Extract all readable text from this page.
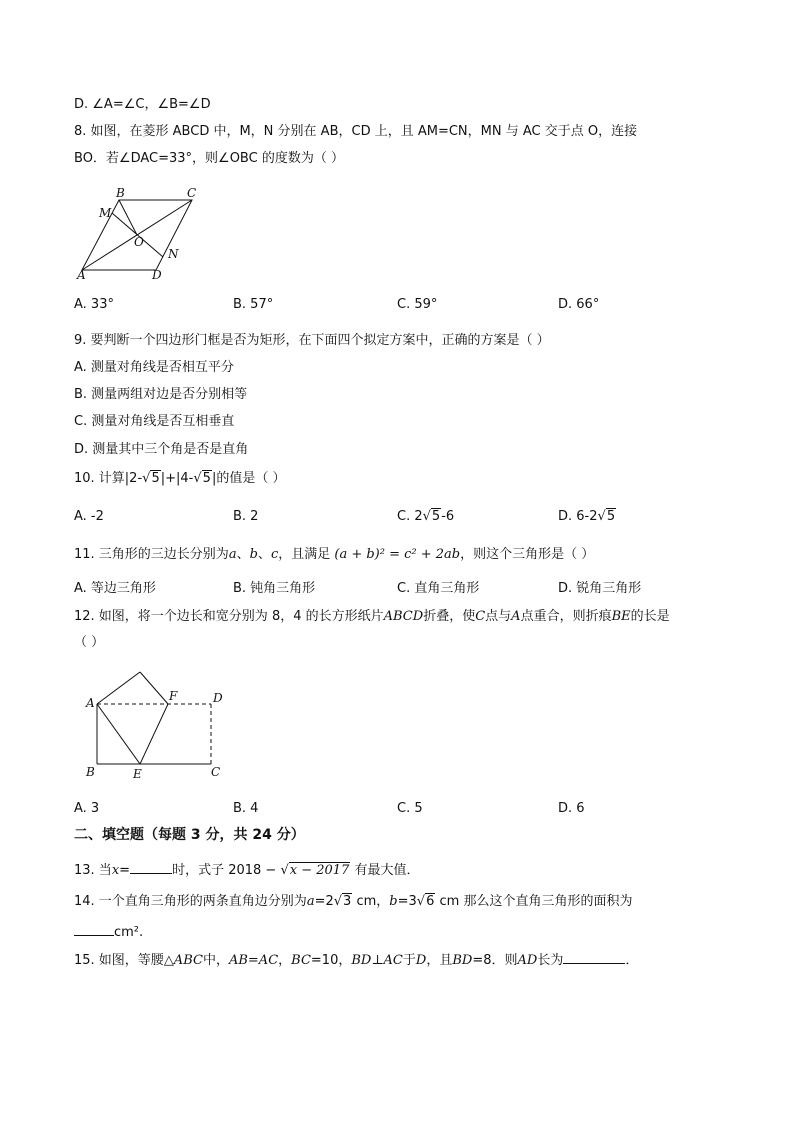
D. ∠A=∠C，∠B=∠D
8. 如图，在菱形 ABCD 中，M，N 分别在 AB，CD 上，且 AM=CN，MN 与 AC 交于点 O，连接
BO．若∠DAC=33°，则∠OBC 的度数为（ ）
B	C
M
O
N
A	D
A. 33°	B. 57°	C. 59°	D. 66°
9. 要判断一个四边形门框是否为矩形，在下面四个拟定方案中，正确的方案是（ ）
A. 测量对角线是否相互平分
B. 测量两组对边是否分别相等
C. 测量对角线是否互相垂直
D. 测量其中三个角是否是直角
10. 计算|2-√5|+|4-√5|的值是（ ）
A. -2	B. 2	C. 2√5-6	D. 6-2√5
11. 三角形的三边长分别为a、b、c，且满足 (a + b)² = c² + 2ab，则这个三角形是（ ）
A. 等边三角形	B. 钝角三角形	C. 直角三角形	D. 锐角三角形
12. 如图，将一个边长和宽分别为 8，4 的长方形纸片ABCD折叠，使C点与A点重合，则折痕BE的长是
（ ）
A	F	D
B	E	C
A. 3	B. 4	C. 5	D. 6
二、填空题（每题 3 分，共 24 分）
13. 当x=	时，式子 2018 − √x − 2017 有最大值．
14. 一个直角三角形的两条直角边分别为a=2√3 cm，b=3√6 cm 那么这个直角三角形的面积为
cm².
15. 如图，等腰△ABC中，AB=AC，BC=10，BD⊥AC于D，且BD=8．则AD长为	．
